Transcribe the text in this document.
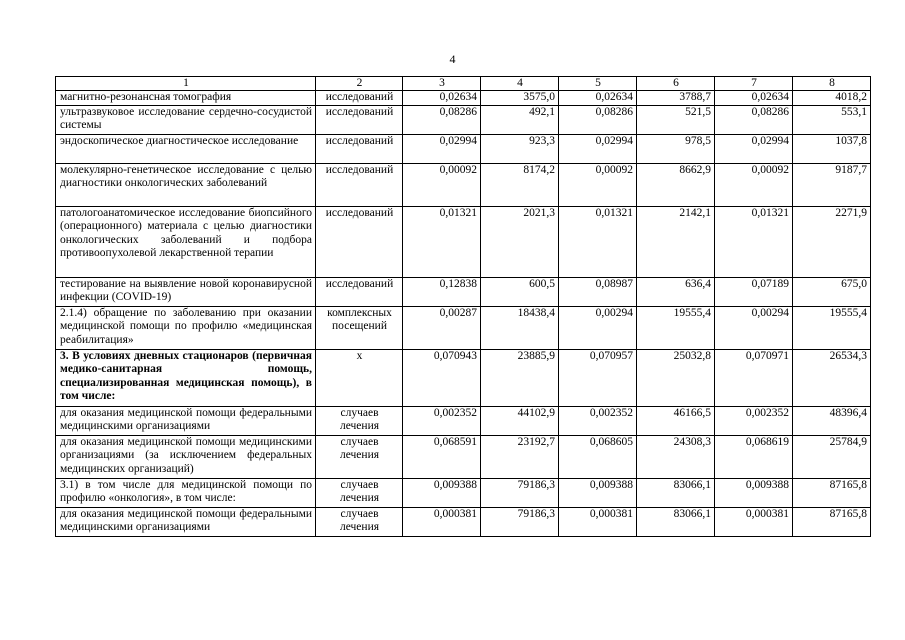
4
1	2	3	4	5	6	7	8
магнитно-резонансная томография	исследований	0,02634	3575,0	0,02634	3788,7	0,02634	4018,2
ультразвуковое исследование сердечно-сосудистой системы	исследований	0,08286	492,1	0,08286	521,5	0,08286	553,1
эндоскопическое диагностическое исследование	исследований	0,02994	923,3	0,02994	978,5	0,02994	1037,8
молекулярно-генетическое исследование с целью диагностики онкологических заболеваний	исследований	0,00092	8174,2	0,00092	8662,9	0,00092	9187,7
патологоанатомическое исследование биопсийного (операционного) материала с целью диагностики онкологических заболеваний и подбора противоопухолевой лекарственной терапии	исследований	0,01321	2021,3	0,01321	2142,1	0,01321	2271,9
тестирование на выявление новой коронавирусной инфекции (COVID-19)	исследований	0,12838	600,5	0,08987	636,4	0,07189	675,0
2.1.4) обращение по заболеванию при оказании медицинской помощи по профилю «медицинская реабилитация»	комплексных посещений	0,00287	18438,4	0,00294	19555,4	0,00294	19555,4
3. В условиях дневных стационаров (первичная медико-санитарная помощь, специализированная медицинская помощь), в том числе:	х	0,070943	23885,9	0,070957	25032,8	0,070971	26534,3
для оказания медицинской помощи федеральными медицинскими организациями	случаев лечения	0,002352	44102,9	0,002352	46166,5	0,002352	48396,4
для оказания медицинской помощи медицинскими организациями (за исключением федеральных медицинских организаций)	случаев лечения	0,068591	23192,7	0,068605	24308,3	0,068619	25784,9
3.1) в том числе для медицинской помощи по профилю «онкология», в том числе:	случаев лечения	0,009388	79186,3	0,009388	83066,1	0,009388	87165,8
для оказания медицинской помощи федеральными медицинскими организациями	случаев лечения	0,000381	79186,3	0,000381	83066,1	0,000381	87165,8
